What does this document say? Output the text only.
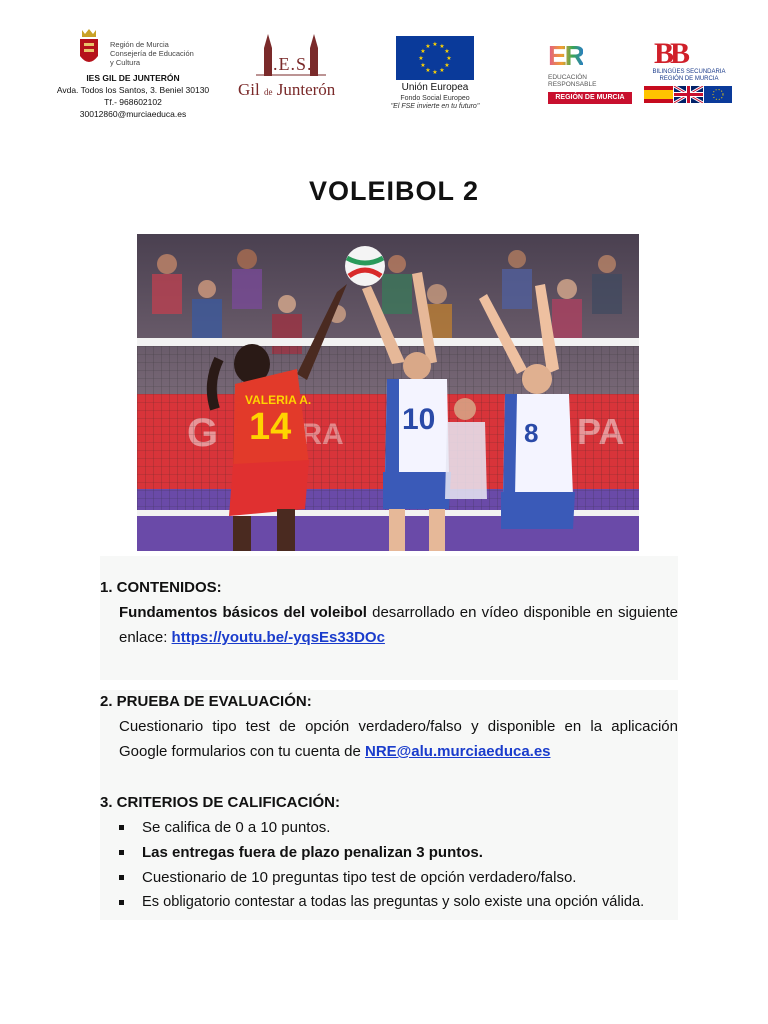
Región de Murcia
Consejería de Educación
y Cultura
IES GIL DE JUNTERÓN
Avda. Todos los Santos, 3. Beniel 30130
Tf.- 968602102
30012860@murciaeduca.es
I.E.S.
Gil de Junterón
★ ★
★
★
★
★
★
★
★
★
★
★
Unión Europea
Fondo Social Europeo
"El FSE invierte en tu futuro"
ER
EDUCACIÓN
RESPONSABLE
REGIÓN DE MURCIA
BB
BILINGÜES SECUNDARIA
REGIÓN DE MURCIA
VOLEIBOL 2
14
VALERIA A.
10	8
1. CONTENIDOS:
Fundamentos básicos del voleibol desarrollado en vídeo disponible en siguiente enlace: https://youtu.be/-yqsEs33DOc
2. PRUEBA DE EVALUACIÓN:
Cuestionario tipo test de opción verdadero/falso y disponible en la aplicación Google formularios con tu cuenta de NRE@alu.murciaeduca.es
3. CRITERIOS DE CALIFICACIÓN:
Se califica de 0 a 10 puntos.
Las entregas fuera de plazo penalizan 3 puntos.
Cuestionario de 10 preguntas tipo test de opción verdadero/falso.
Es obligatorio contestar a todas las preguntas y solo existe una opción válida.
